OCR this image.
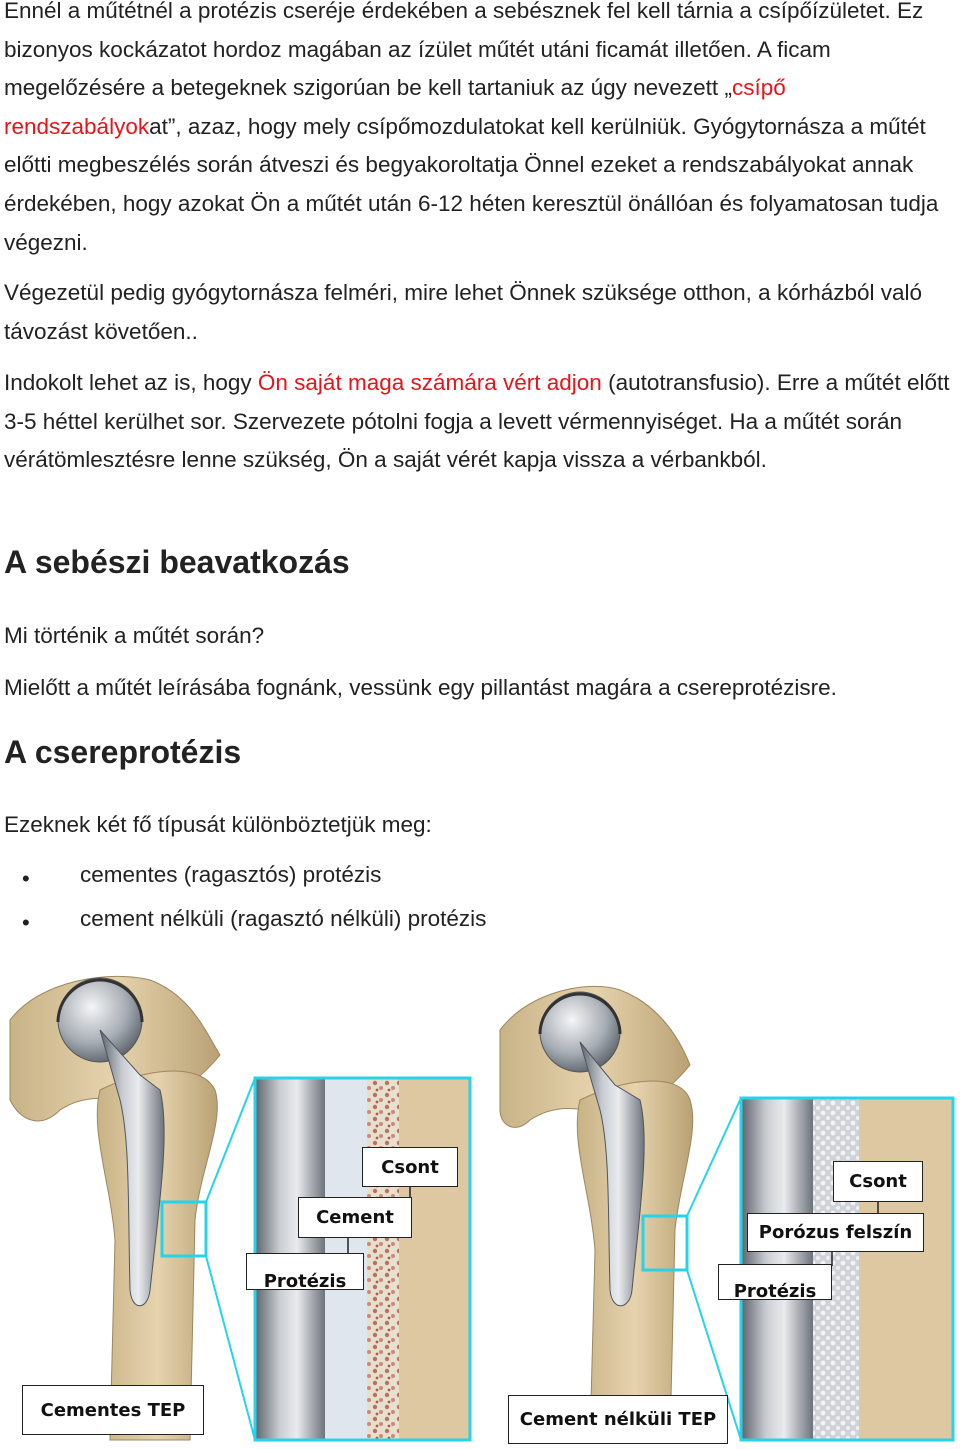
Ennél a műtétnél a protézis cseréje érdekében a sebésznek fel kell tárnia a csípőízületet. Ez bizonyos kockázatot hordoz magában az ízület műtét utáni ficamát illetően. A ficam megelőzésére a betegeknek szigorúan be kell tartaniuk az úgy nevezett „csípő rendszabályokat”, azaz, hogy mely csípőmozdulatokat kell kerülniük. Gyógytornásza a műtét előtti megbeszélés során átveszi és begyakoroltatja Önnel ezeket a rendszabályokat annak érdekében, hogy azokat Ön a műtét után 6-12 héten keresztül önállóan és folyamatosan tudja végezni.

Végezetül pedig gyógytornásza felméri, mire lehet Önnek szüksége otthon, a kórházból való távozást követően..

Indokolt lehet az is, hogy Ön saját maga számára vért adjon (autotransfusio). Erre a műtét előtt 3-5 héttel kerülhet sor. Szervezete pótolni fogja a levett vérmennyiséget. Ha a műtét során vérátömlesztésre lenne szükség, Ön a saját vérét kapja vissza a vérbankból.

A sebészi beavatkozás

Mi történik a műtét során?

Mielőtt a műtét leírásába fognánk, vessünk egy pillantást magára a csereprotézisre.

A csereprotézis

Ezeknek két fő típusát különböztetjük meg:

• cementes (ragasztós) protézis
• cement nélküli (ragasztó nélküli) protézis
Csont
Cement
Protézis
Cementes TEP
Csont
Porózus felszín
Protézis
Cement nélküli TEP
